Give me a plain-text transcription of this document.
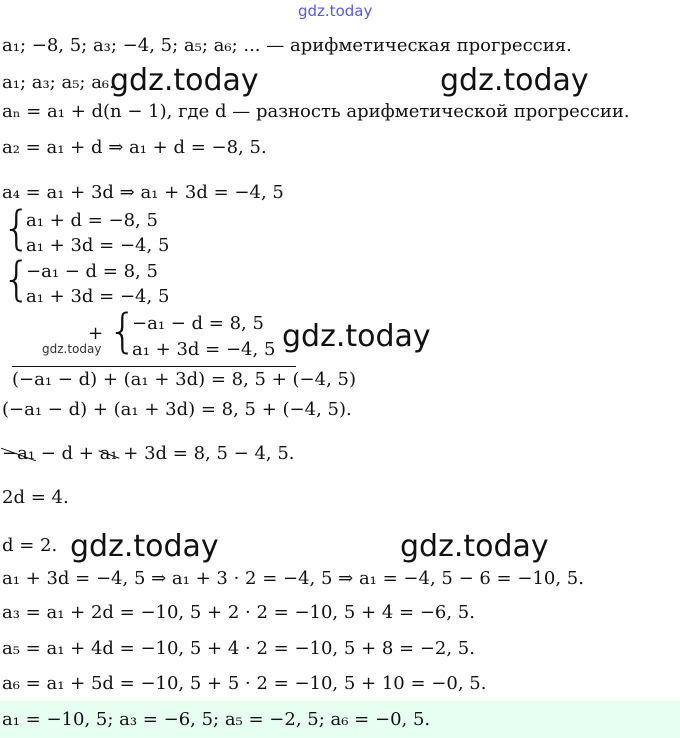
gdz.today
a₁; −8, 5; a₃; −4, 5; a₅; a₆; ... — арифметическая прогрессия.
a₁; a₃; a₅; a₆.
gdz.today	gdz.today
aₙ = a₁ + d(n − 1), где d — разность арифметической прогрессии.
a₂ = a₁ + d ⇒ a₁ + d = −8, 5.
a₄ = a₁ + 3d ⇒ a₁ + 3d = −4, 5
{
a₁ + d = −8, 5
a₁ + 3d = −4, 5
{
−a₁ − d = 8, 5
a₁ + 3d = −4, 5
+
gdz.today {
−a₁ − d = 8, 5
a₁ + 3d = −4, 5 gdz.today
(−a₁ − d) + (a₁ + 3d) = 8, 5 + (−4, 5)
(−a₁ − d) + (a₁ + 3d) = 8, 5 + (−4, 5).
−a₁ − d + a₁ + 3d = 8, 5 − 4, 5.
2d = 4.
d = 2. gdz.today	gdz.today
a₁ + 3d = −4, 5 ⇒ a₁ + 3 · 2 = −4, 5 ⇒ a₁ = −4, 5 − 6 = −10, 5.
a₃ = a₁ + 2d = −10, 5 + 2 · 2 = −10, 5 + 4 = −6, 5.
a₅ = a₁ + 4d = −10, 5 + 4 · 2 = −10, 5 + 8 = −2, 5.
a₆ = a₁ + 5d = −10, 5 + 5 · 2 = −10, 5 + 10 = −0, 5.
a₁ = −10, 5; a₃ = −6, 5; a₅ = −2, 5; a₆ = −0, 5.
